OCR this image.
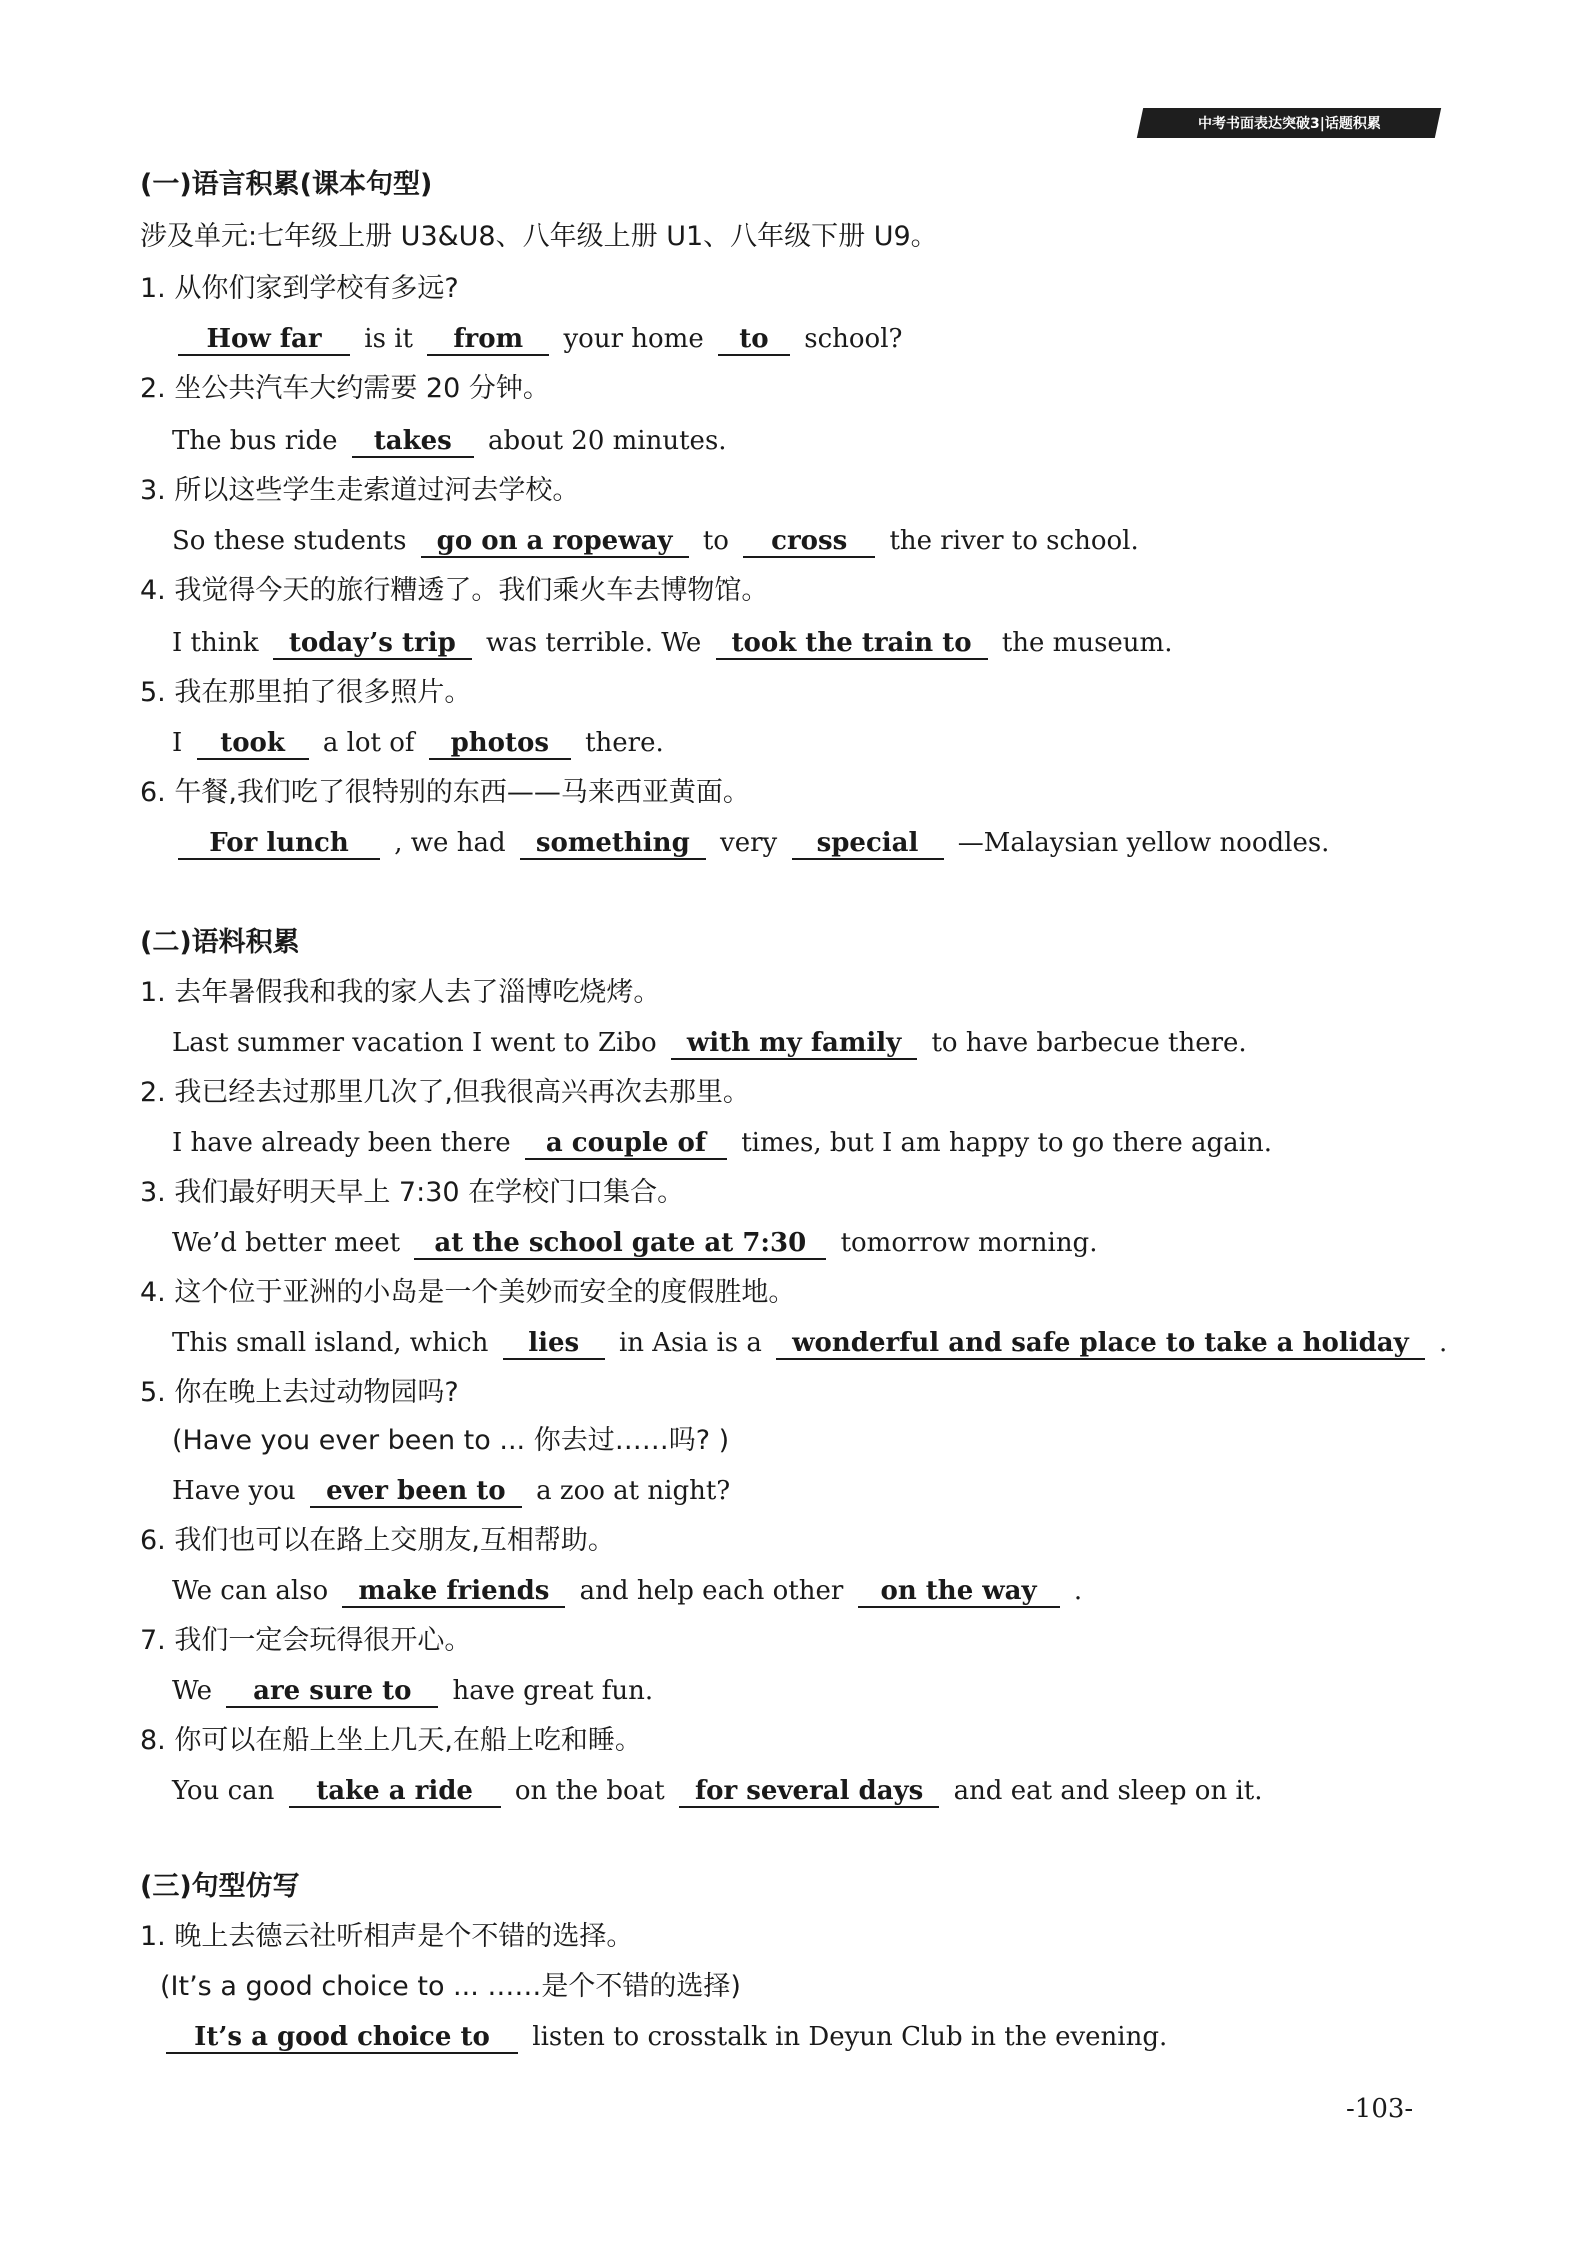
中考书面表达突破3|话题积累
(一)语言积累(课本句型)
涉及单元:七年级上册 U3&U8、八年级上册 U1、八年级下册 U9。
1. 从你们家到学校有多远?
How far is it from your home to school?
2. 坐公共汽车大约需要 20 分钟。
The bus ride takes about 20 minutes.
3. 所以这些学生走索道过河去学校。
So these students go on a ropeway to cross the river to school.
4. 我觉得今天的旅行糟透了。我们乘火车去博物馆。
I think today’s trip was terrible. We took the train to the museum.
5. 我在那里拍了很多照片。
I took a lot of photos there.
6. 午餐,我们吃了很特别的东西——马来西亚黄面。
For lunch , we had something very special —Malaysian yellow noodles.
(二)语料积累
1. 去年暑假我和我的家人去了淄博吃烧烤。
Last summer vacation I went to Zibo with my family to have barbecue there.
2. 我已经去过那里几次了,但我很高兴再次去那里。
I have already been there a couple of times, but I am happy to go there again.
3. 我们最好明天早上 7:30 在学校门口集合。
We’d better meet at the school gate at 7:30 tomorrow morning.
4. 这个位于亚洲的小岛是一个美妙而安全的度假胜地。
This small island, which lies in Asia is a wonderful and safe place to take a holiday .
5. 你在晚上去过动物园吗?
(Have you ever been to ... 你去过……吗? )
Have you ever been to a zoo at night?
6. 我们也可以在路上交朋友,互相帮助。
We can also make friends and help each other on the way .
7. 我们一定会玩得很开心。
We are sure to have great fun.
8. 你可以在船上坐上几天,在船上吃和睡。
You can take a ride on the boat for several days and eat and sleep on it.
(三)句型仿写
1. 晚上去德云社听相声是个不错的选择。
(It’s a good choice to ... ……是个不错的选择)
It’s a good choice to listen to crosstalk in Deyun Club in the evening.
-103-
